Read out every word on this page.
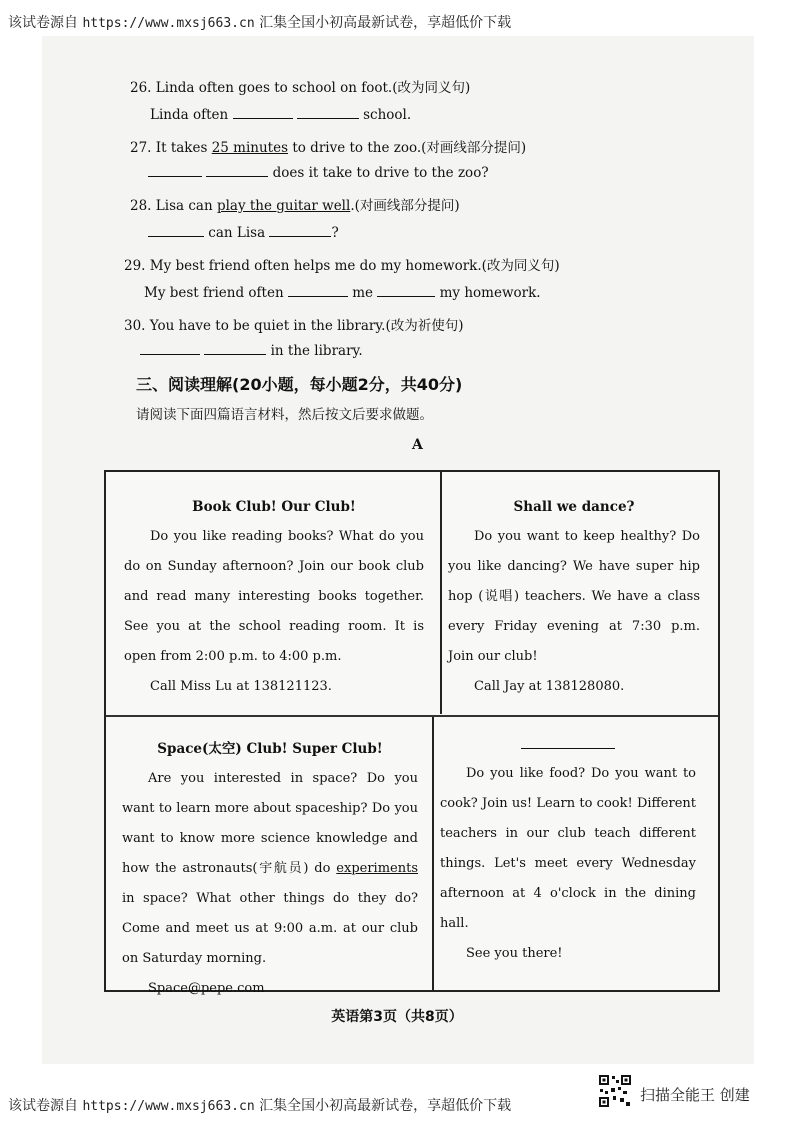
该试卷源自 https://www.mxsj663.cn 汇集全国小初高最新试卷，享超低价下载
26. Linda often goes to school on foot.(改为同义句)
Linda often	school.
27. It takes 25 minutes to drive to the zoo.(对画线部分提问)
does it take to drive to the zoo?
28. Lisa can play the guitar well.(对画线部分提问)
can Lisa	?
29. My best friend often helps me do my homework.(改为同义句)
My best friend often	me	my homework.
30. You have to be quiet in the library.(改为祈使句)
in the library.
三、阅读理解(20小题，每小题2分，共40分)
请阅读下面四篇语言材料，然后按文后要求做题。
A
Book Club! Our Club!

Do you like reading books? What do you do on Sunday afternoon? Join our book club and read many interesting books together. See you at the school reading room. It is open from 2:00 p.m. to 4:00 p.m.

Call Miss Lu at 138121123.

Shall we dance?

Do you want to keep healthy? Do you like dancing? We have super hip hop (说唱) teachers. We have a class every Friday evening at 7:30 p.m. Join our club!

Call Jay at 138128080.

Space(太空) Club! Super Club!

Are you interested in space? Do you want to learn more about spaceship? Do you want to know more science knowledge and how the astronauts(宇航员) do experiments in space? What other things do they do? Come and meet us at 9:00 a.m. at our club on Saturday morning.

Space@pepe.com

Do you like food? Do you want to cook? Join us! Learn to cook! Different teachers in our club teach different things. Let's meet every Wednesday afternoon at 4 o'clock in the dining hall.

See you there!

英语第3页（共8页）
该试卷源自 https://www.mxsj663.cn 汇集全国小初高最新试卷，享超低价下载
扫描全能王 创建
